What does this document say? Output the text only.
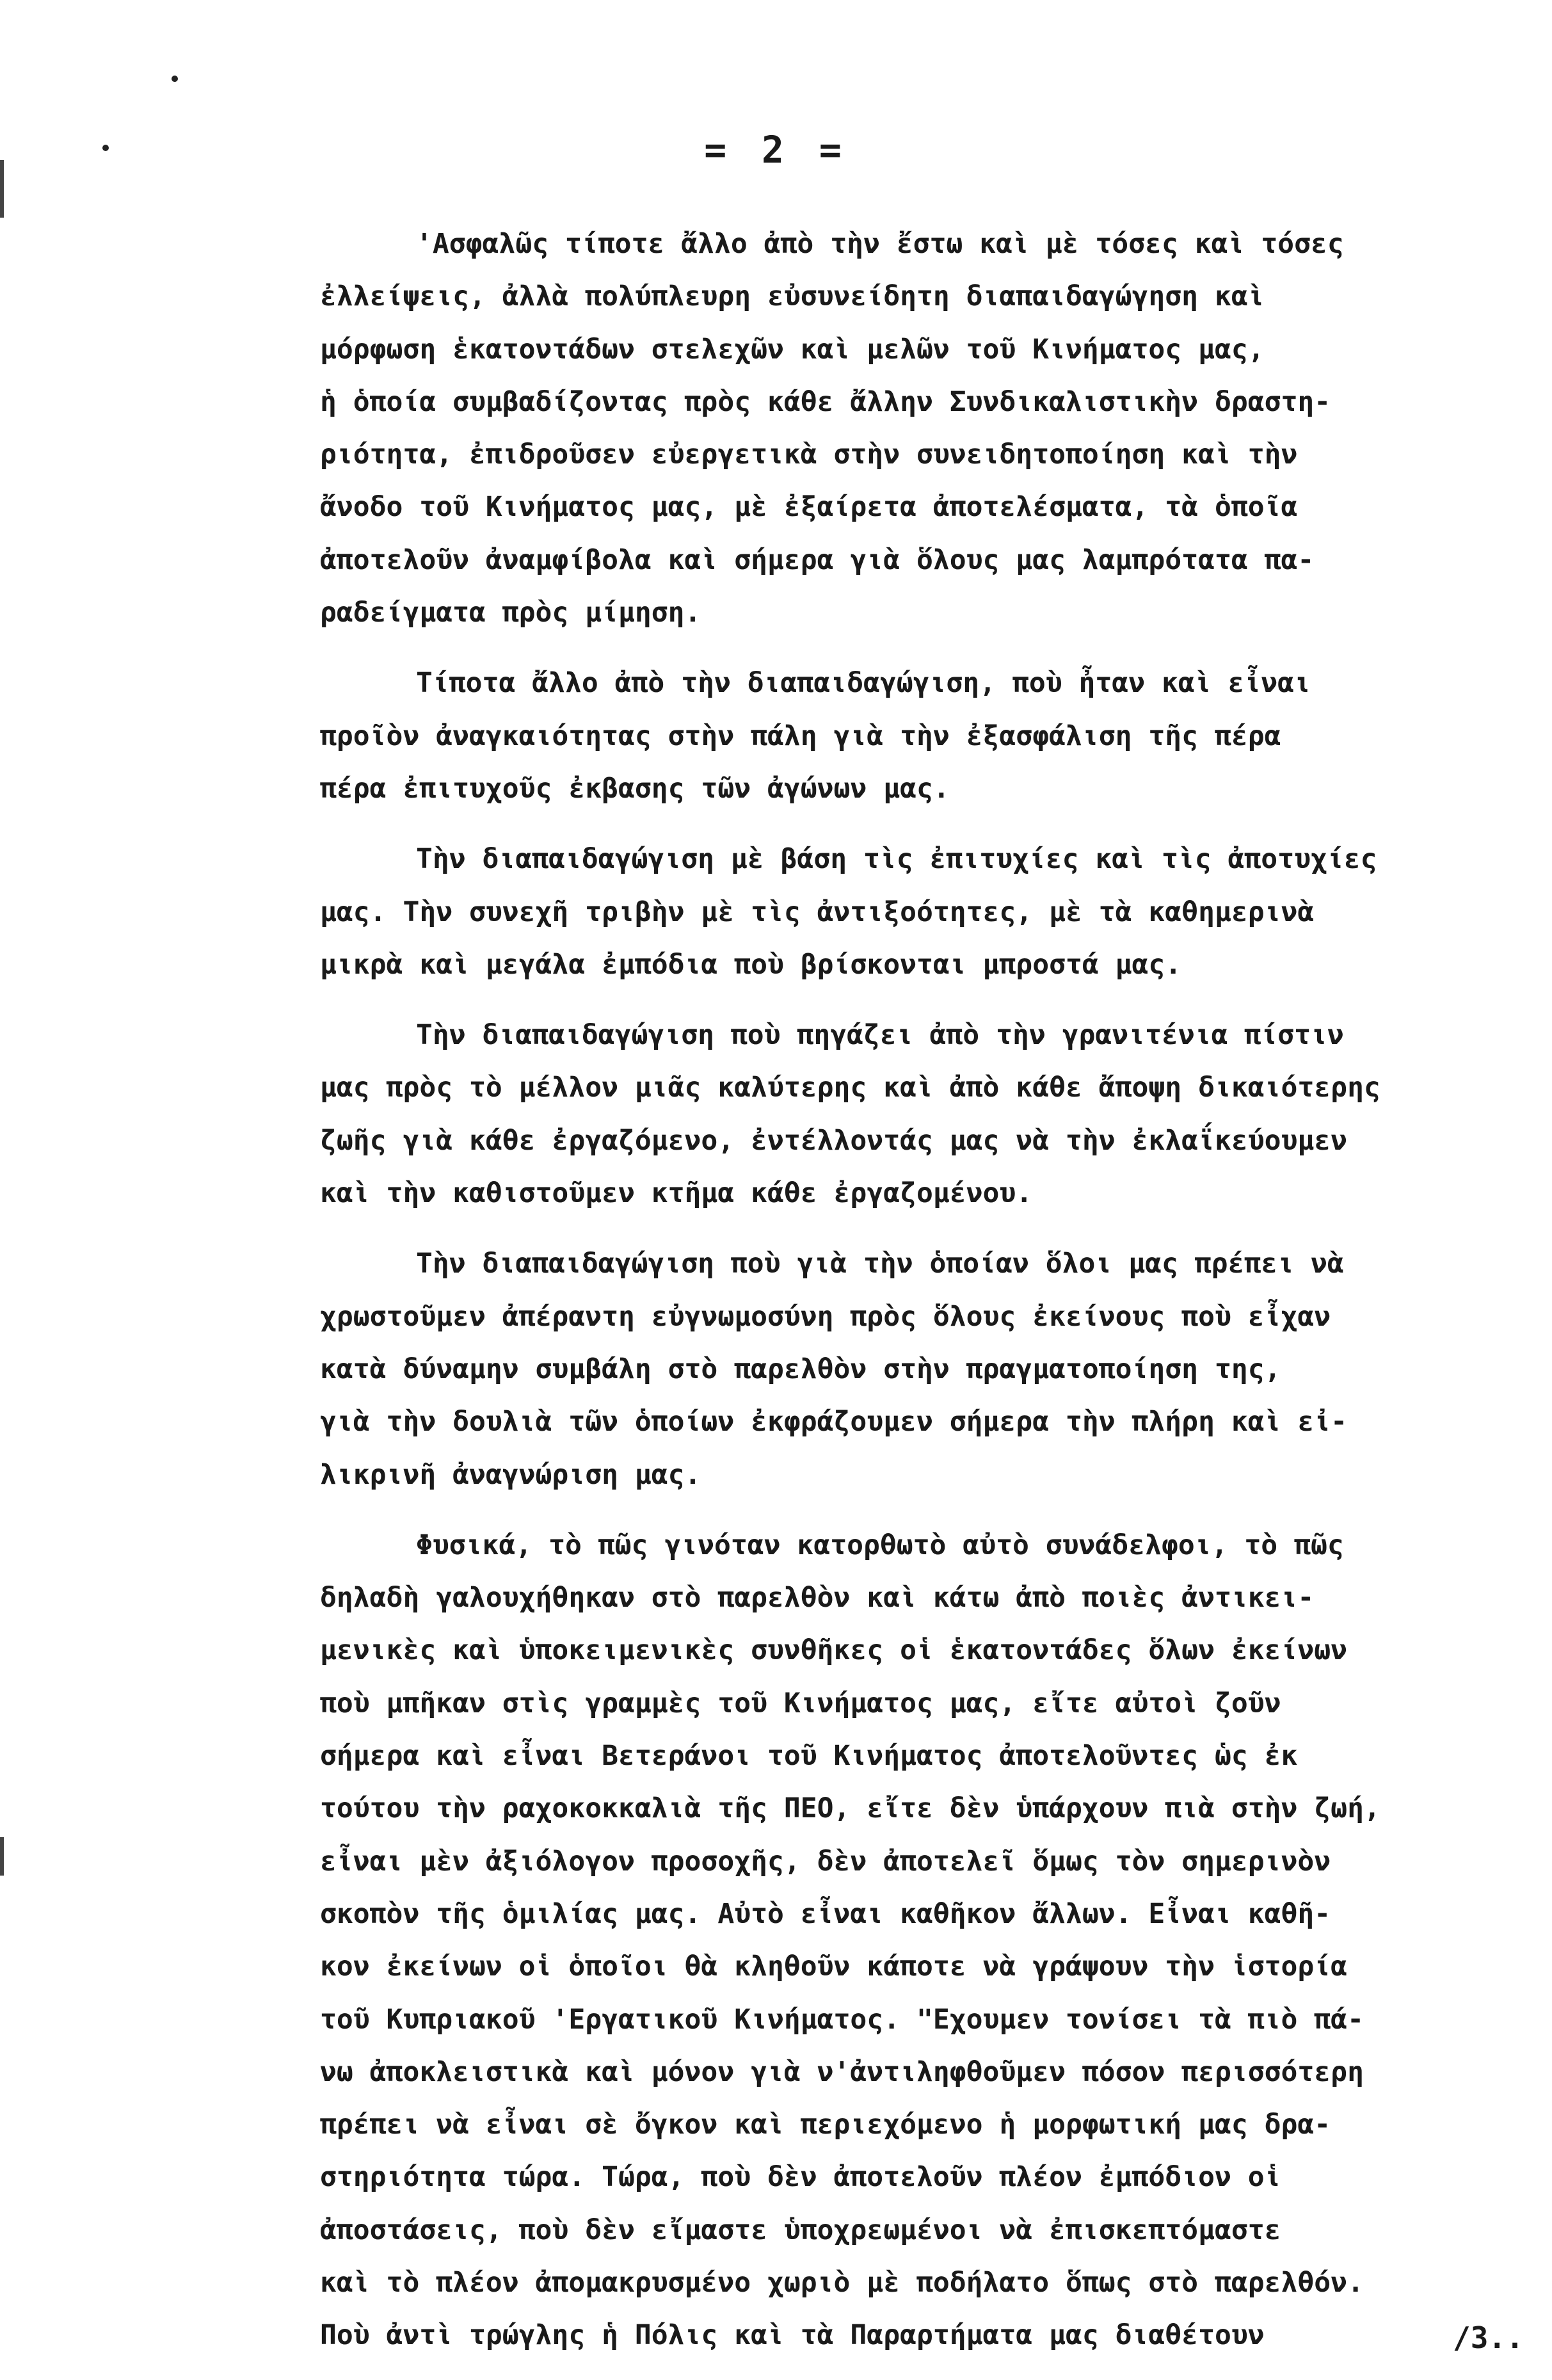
= 2 =
'Ασφαλῶς τίποτε ἄλλο ἀπὸ τὴν ἔστω καὶ μὲ τόσες καὶ τόσες
ἐλλείψεις, ἀλλὰ πολύπλευρη εὐσυνείδητη διαπαιδαγώγηση καὶ
μόρφωση ἑκατοντάδων στελεχῶν καὶ μελῶν τοῦ Κινήματος μας,
ἡ ὁποία συμβαδίζοντας πρὸς κάθε ἄλλην Συνδικαλιστικὴν δραστη-
ριότητα, ἐπιδροῦσεν εὐεργετικὰ στὴν συνειδητοποίηση καὶ τὴν
ἄνοδο τοῦ Κινήματος μας, μὲ ἐξαίρετα ἀποτελέσματα, τὰ ὁποῖα
ἀποτελοῦν ἀναμφίβολα καὶ σήμερα γιὰ ὅλους μας λαμπρότατα πα-
ραδείγματα πρὸς μίμηση.
Τίποτα ἄλλο ἀπὸ τὴν διαπαιδαγώγιση, ποὺ ἦταν καὶ εἶναι
προῖὸν ἀναγκαιότητας στὴν πάλη γιὰ τὴν ἐξασφάλιση τῆς πέρα
πέρα ἐπιτυχοῦς ἐκβασης τῶν ἀγώνων μας.
Τὴν διαπαιδαγώγιση μὲ βάση τὶς ἐπιτυχίες καὶ τὶς ἀποτυχίες
μας. Τὴν συνεχῆ τριβὴν μὲ τὶς ἀντιξοότητες, μὲ τὰ καθημερινὰ
μικρὰ καὶ μεγάλα ἐμπόδια ποὺ βρίσκονται μπροστά μας.
Τὴν διαπαιδαγώγιση ποὺ πηγάζει ἀπὸ τὴν γρανιτένια πίστιν
μας πρὸς τὸ μέλλον μιᾶς καλύτερης καὶ ἀπὸ κάθε ἄποψη δικαιότερης
ζωῆς γιὰ κάθε ἐργαζόμενο, ἐντέλλοντάς μας νὰ τὴν ἐκλαΐκεύουμεν
καὶ τὴν καθιστοῦμεν κτῆμα κάθε ἐργαζομένου.
Τὴν διαπαιδαγώγιση ποὺ γιὰ τὴν ὁποίαν ὅλοι μας πρέπει νὰ
χρωστοῦμεν ἀπέραντη εὐγνωμοσύνη πρὸς ὅλους ἐκείνους ποὺ εἶχαν
κατὰ δύναμην συμβάλη στὸ παρελθὸν στὴν πραγματοποίηση της,
γιὰ τὴν δουλιὰ τῶν ὁποίων ἐκφράζουμεν σήμερα τὴν πλήρη καὶ εἰ-
λικρινῆ ἀναγνώριση μας.
Φυσικά, τὸ πῶς γινόταν κατορθωτὸ αὐτὸ συνάδελφοι, τὸ πῶς
δηλαδὴ γαλουχήθηκαν στὸ παρελθὸν καὶ κάτω ἀπὸ ποιὲς ἀντικει-
μενικὲς καὶ ὑποκειμενικὲς συνθῆκες οἱ ἑκατοντάδες ὅλων ἐκείνων
ποὺ μπῆκαν στὶς γραμμὲς τοῦ Κινήματος μας, εἴτε αὐτοὶ ζοῦν
σήμερα καὶ εἶναι Βετεράνοι τοῦ Κινήματος ἀποτελοῦντες ὡς ἐκ
τούτου τὴν ραχοκοκκαλιὰ τῆς ΠΕΟ, εἴτε δὲν ὑπάρχουν πιὰ στὴν ζωή,
εἶναι μὲν ἀξιόλογον προσοχῆς, δὲν ἀποτελεῖ ὅμως τὸν σημερινὸν
σκοπὸν τῆς ὁμιλίας μας. Αὐτὸ εἶναι καθῆκον ἄλλων. Εἶναι καθῆ-
κον ἐκείνων οἱ ὁποῖοι θὰ κληθοῦν κάποτε νὰ γράψουν τὴν ἱστορία
τοῦ Κυπριακοῦ 'Εργατικοῦ Κινήματος. "Εχουμεν τονίσει τὰ πιὸ πά-
νω ἀποκλειστικὰ καὶ μόνον γιὰ ν'ἀντιληφθοῦμεν πόσον περισσότερη
πρέπει νὰ εἶναι σὲ ὄγκον καὶ περιεχόμενο ἡ μορφωτική μας δρα-
στηριότητα τώρα. Τώρα, ποὺ δὲν ἀποτελοῦν πλέον ἐμπόδιον οἱ
ἀποστάσεις, ποὺ δὲν εἴμαστε ὑποχρεωμένοι νὰ ἐπισκεπτόμαστε
καὶ τὸ πλέον ἀπομακρυσμένο χωριὸ μὲ ποδήλατο ὅπως στὸ παρελθόν.
Ποὺ ἀντὶ τρώγλης ἡ Πόλις καὶ τὰ Παραρτήματα μας διαθέτουν	/3..
